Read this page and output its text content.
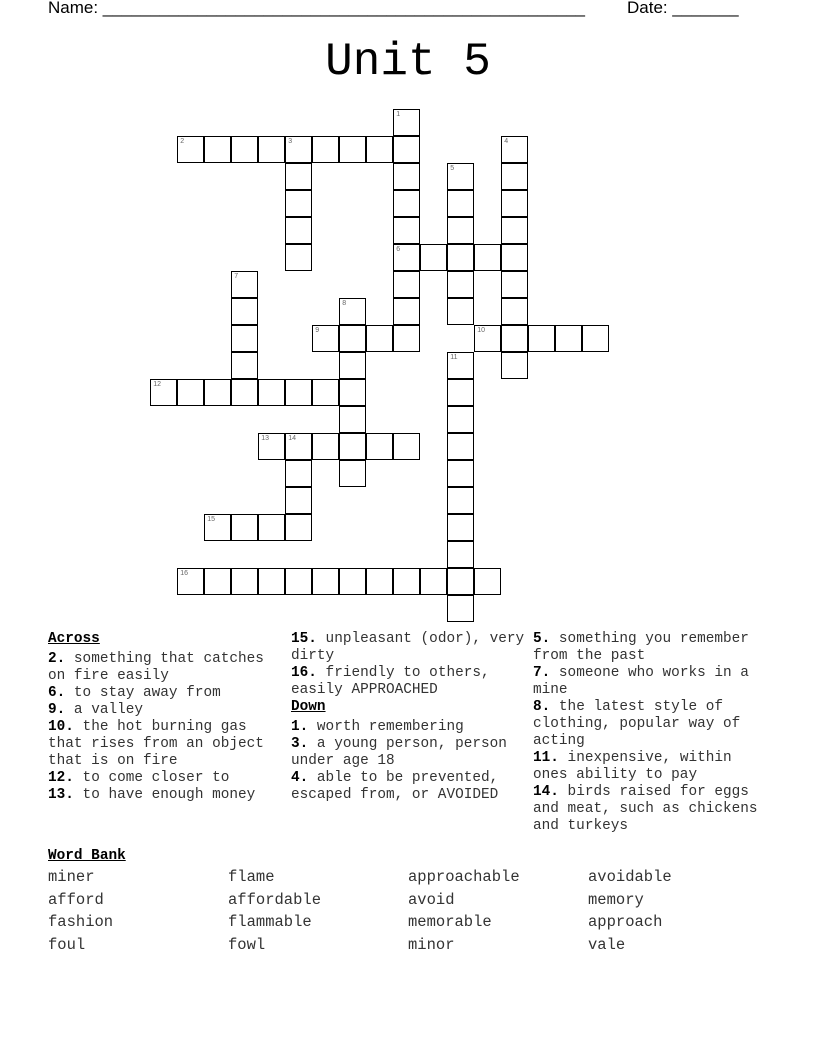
Name: ___________________________________________________ Date: _______
Unit 5
1
6
2	3	4
5
7
8
9	10
11
12
13	14
15
16
Across

2. something that catches on fire easily

6. to stay away from

9. a valley

10. the hot burning gas that rises from an object that is on fire

12. to come closer to

13. to have enough money

15. unpleasant (odor), very dirty

16. friendly to others, easily APPROACHED

Down

1. worth remembering

3. a young person, person under age 18

4. able to be prevented, escaped from, or AVOIDED

5. something you remember from the past

7. someone who works in a mine

8. the latest style of clothing, popular way of acting

11. inexpensive, within ones ability to pay

14. birds raised for eggs and meat, such as chickens and turkeys

Word Bank
miner	flame	approachable	avoidable
afford	affordable	avoid	memory
fashion	flammable	memorable	approach
foul	fowl	minor	vale
